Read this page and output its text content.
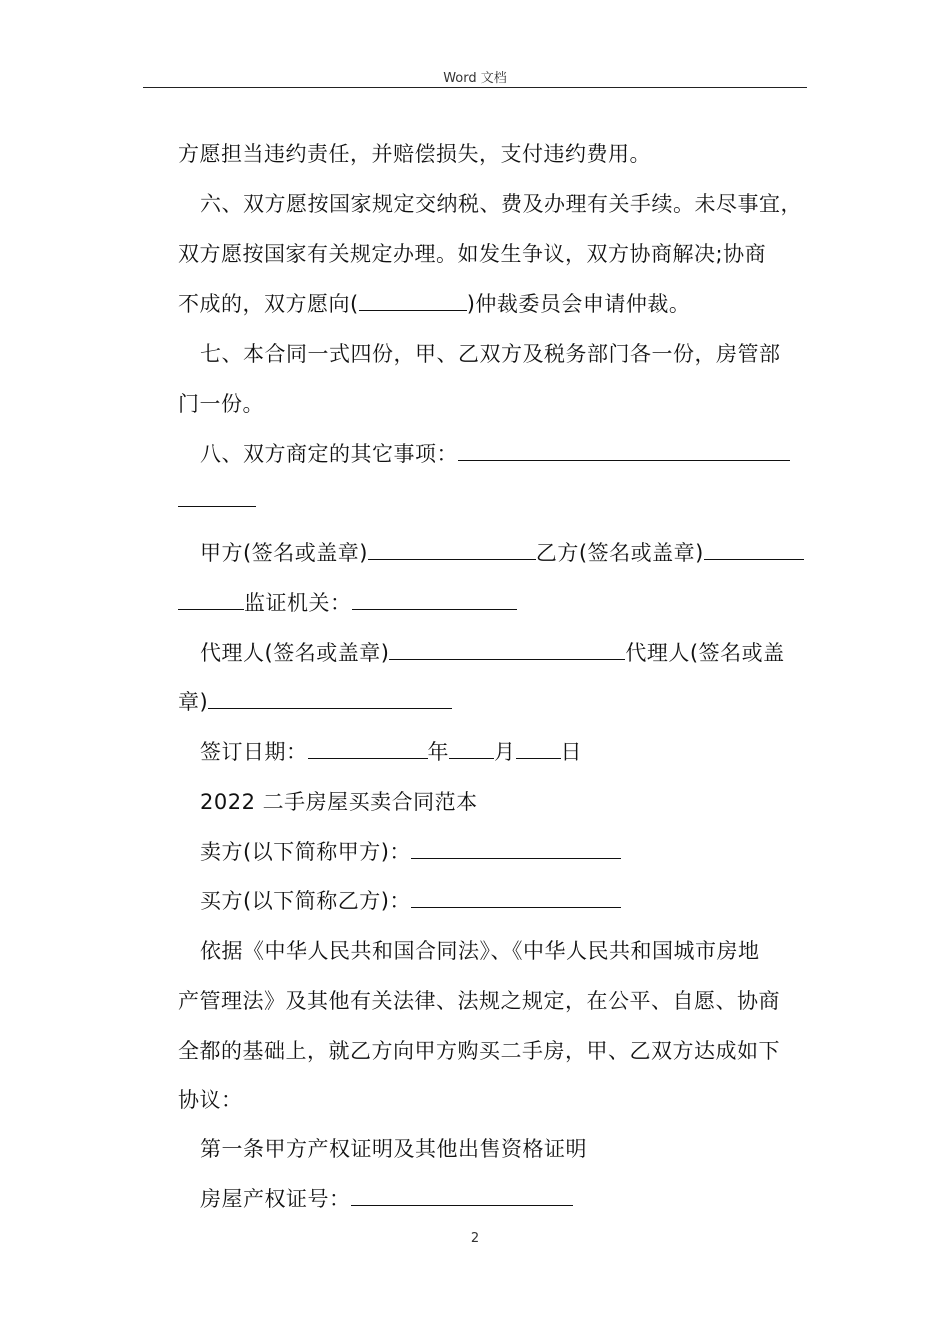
Word 文档
方愿担当违约责任，并赔偿损失，支付违约费用。
六、双方愿按国家规定交纳税、费及办理有关手续。未尽事宜，
双方愿按国家有关规定办理。如发生争议，双方协商解决;协商
不成的，双方愿向(	)仲裁委员会申请仲裁。
七、本合同一式四份，甲、乙双方及税务部门各一份，房管部
门一份。
八、双方商定的其它事项：
甲方(签名或盖章)	乙方(签名或盖章)
监证机关：
代理人(签名或盖章)	代理人(签名或盖
章)
签订日期：	年 月 日
2022 二手房屋买卖合同范本
卖方(以下简称甲方)：
买方(以下简称乙方)：
依据《中华人民共和国合同法》、《中华人民共和国城市房地
产管理法》及其他有关法律、法规之规定，在公平、自愿、协商
全都的基础上，就乙方向甲方购买二手房，甲、乙双方达成如下
协议：
第一条甲方产权证明及其他出售资格证明
房屋产权证号：
2
